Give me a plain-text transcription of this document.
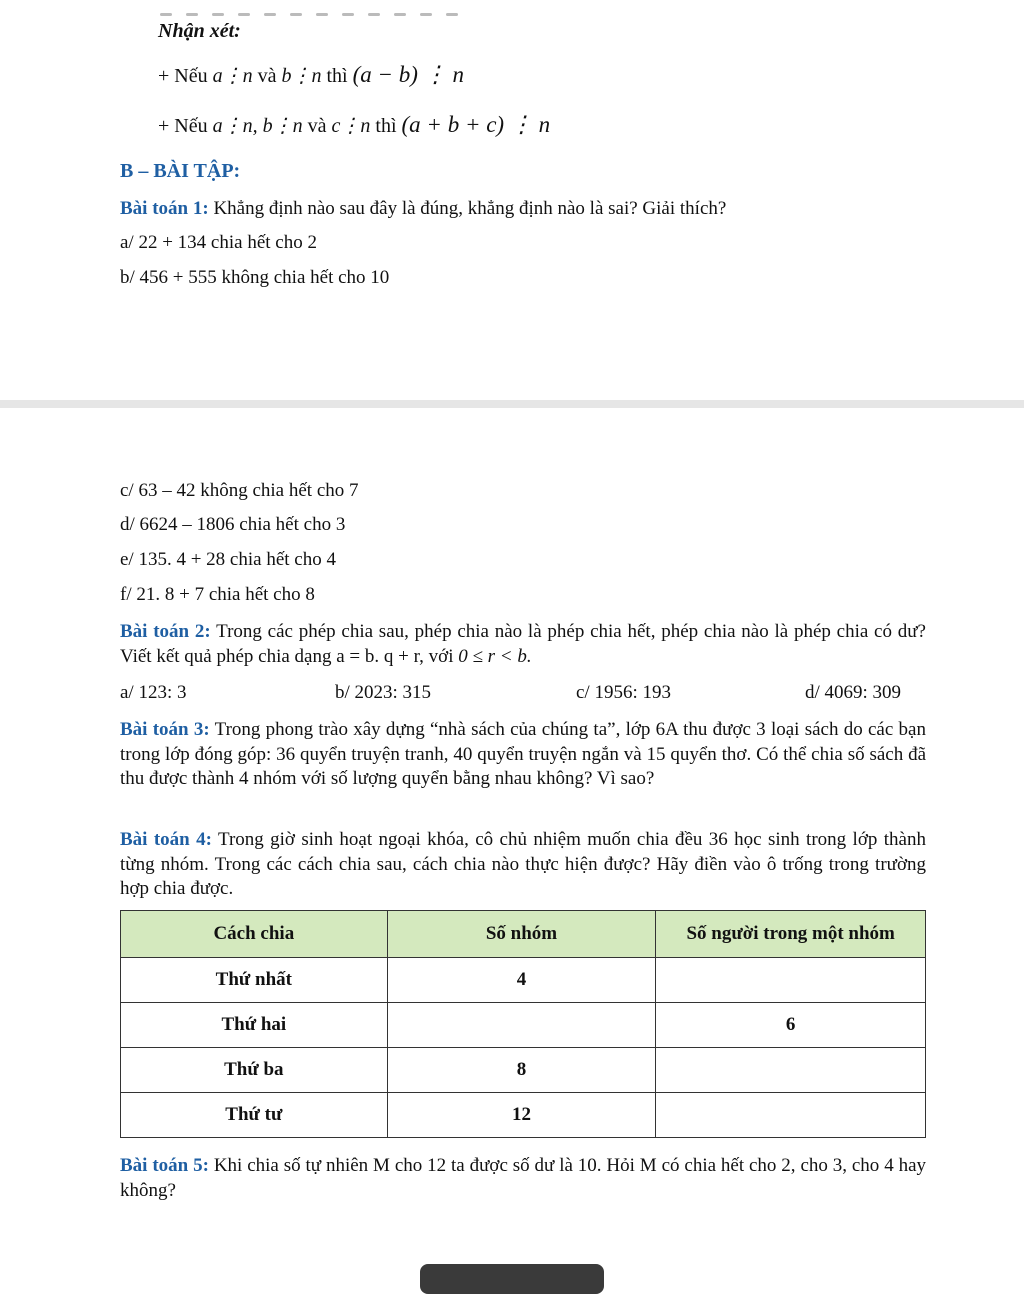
Nhận xét:
+ Nếu a⋮n và b⋮n thì (a − b) ⋮ n
+ Nếu a⋮n, b⋮n và c⋮n thì (a + b + c) ⋮ n
B – BÀI TẬP:
Bài toán 1: Khẳng định nào sau đây là đúng, khẳng định nào là sai? Giải thích?
a/ 22 + 134 chia hết cho 2
b/ 456 + 555 không chia hết cho 10
c/ 63 – 42 không chia hết cho 7
d/ 6624 – 1806 chia hết cho 3
e/ 135. 4 + 28 chia hết cho 4
f/ 21. 8 + 7 chia hết cho 8
Bài toán 2: Trong các phép chia sau, phép chia nào là phép chia hết, phép chia nào là phép chia có dư? Viết kết quả phép chia dạng a = b. q + r, với 0 ≤ r < b.
a/ 123: 3	b/ 2023: 315	c/ 1956: 193	d/ 4069: 309
Bài toán 3: Trong phong trào xây dựng “nhà sách của chúng ta”, lớp 6A thu được 3 loại sách do các bạn trong lớp đóng góp: 36 quyển truyện tranh, 40 quyển truyện ngắn và 15 quyển thơ. Có thể chia số sách đã thu được thành 4 nhóm với số lượng quyển bằng nhau không? Vì sao?
Bài toán 4: Trong giờ sinh hoạt ngoại khóa, cô chủ nhiệm muốn chia đều 36 học sinh trong lớp thành từng nhóm. Trong các cách chia sau, cách chia nào thực hiện được? Hãy điền vào ô trống trong trường hợp chia được.
Cách chia	Số nhóm	Số người trong một nhóm
Thứ nhất	4	
Thứ hai		6
Thứ ba	8	
Thứ tư	12	
Bài toán 5: Khi chia số tự nhiên M cho 12 ta được số dư là 10. Hỏi M có chia hết cho 2, cho 3, cho 4 hay không?
